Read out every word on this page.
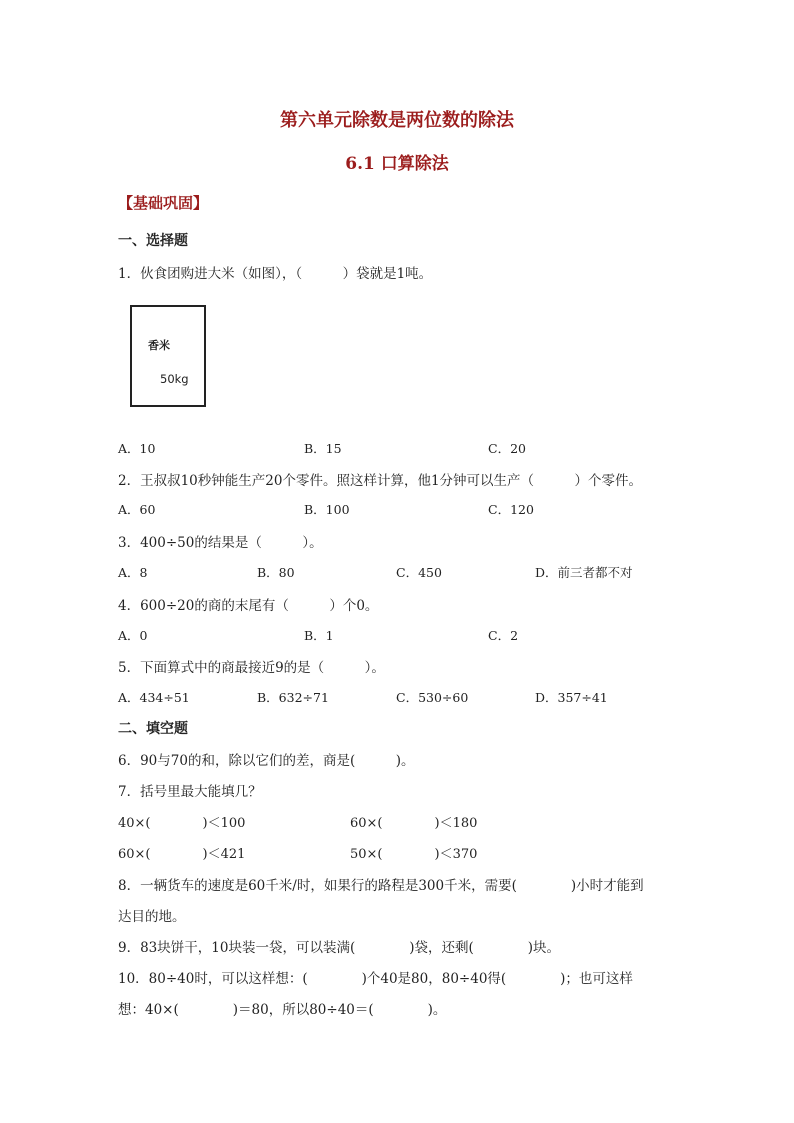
第六单元除数是两位数的除法
6.1 口算除法
【基础巩固】
一、选择题
1．伙食团购进大米（如图），（　　　）袋就是1吨。
香米
50kg
A．10	B．15	C．20
2．王叔叔10秒钟能生产20个零件。照这样计算，他1分钟可以生产（　　　）个零件。
A．60	B．100	C．120
3．400÷50的结果是（　　　）。
A．8	B．80	C．450	D．前三者都不对
4．600÷20的商的末尾有（　　　）个0。
A．0	B．1	C．2
5．下面算式中的商最接近9的是（　　　）。
A．434÷51	B．632÷71	C．530÷60	D．357÷41
二、填空题
6．90与70的和，除以它们的差，商是(　　　)。
7．括号里最大能填几？
40×(　　　　)＜100	60×(　　　　)＜180
60×(　　　　)＜421	50×(　　　　)＜370
8．一辆货车的速度是60千米/时，如果行的路程是300千米，需要(　　　　)小时才能到
达目的地。
9．83块饼干，10块装一袋，可以装满(　　　　)袋，还剩(　　　　)块。
10．80÷40时，可以这样想：(　　　　)个40是80，80÷40得(　　　　)；也可这样
想：40×(　　　　)＝80，所以80÷40＝(　　　　)。
